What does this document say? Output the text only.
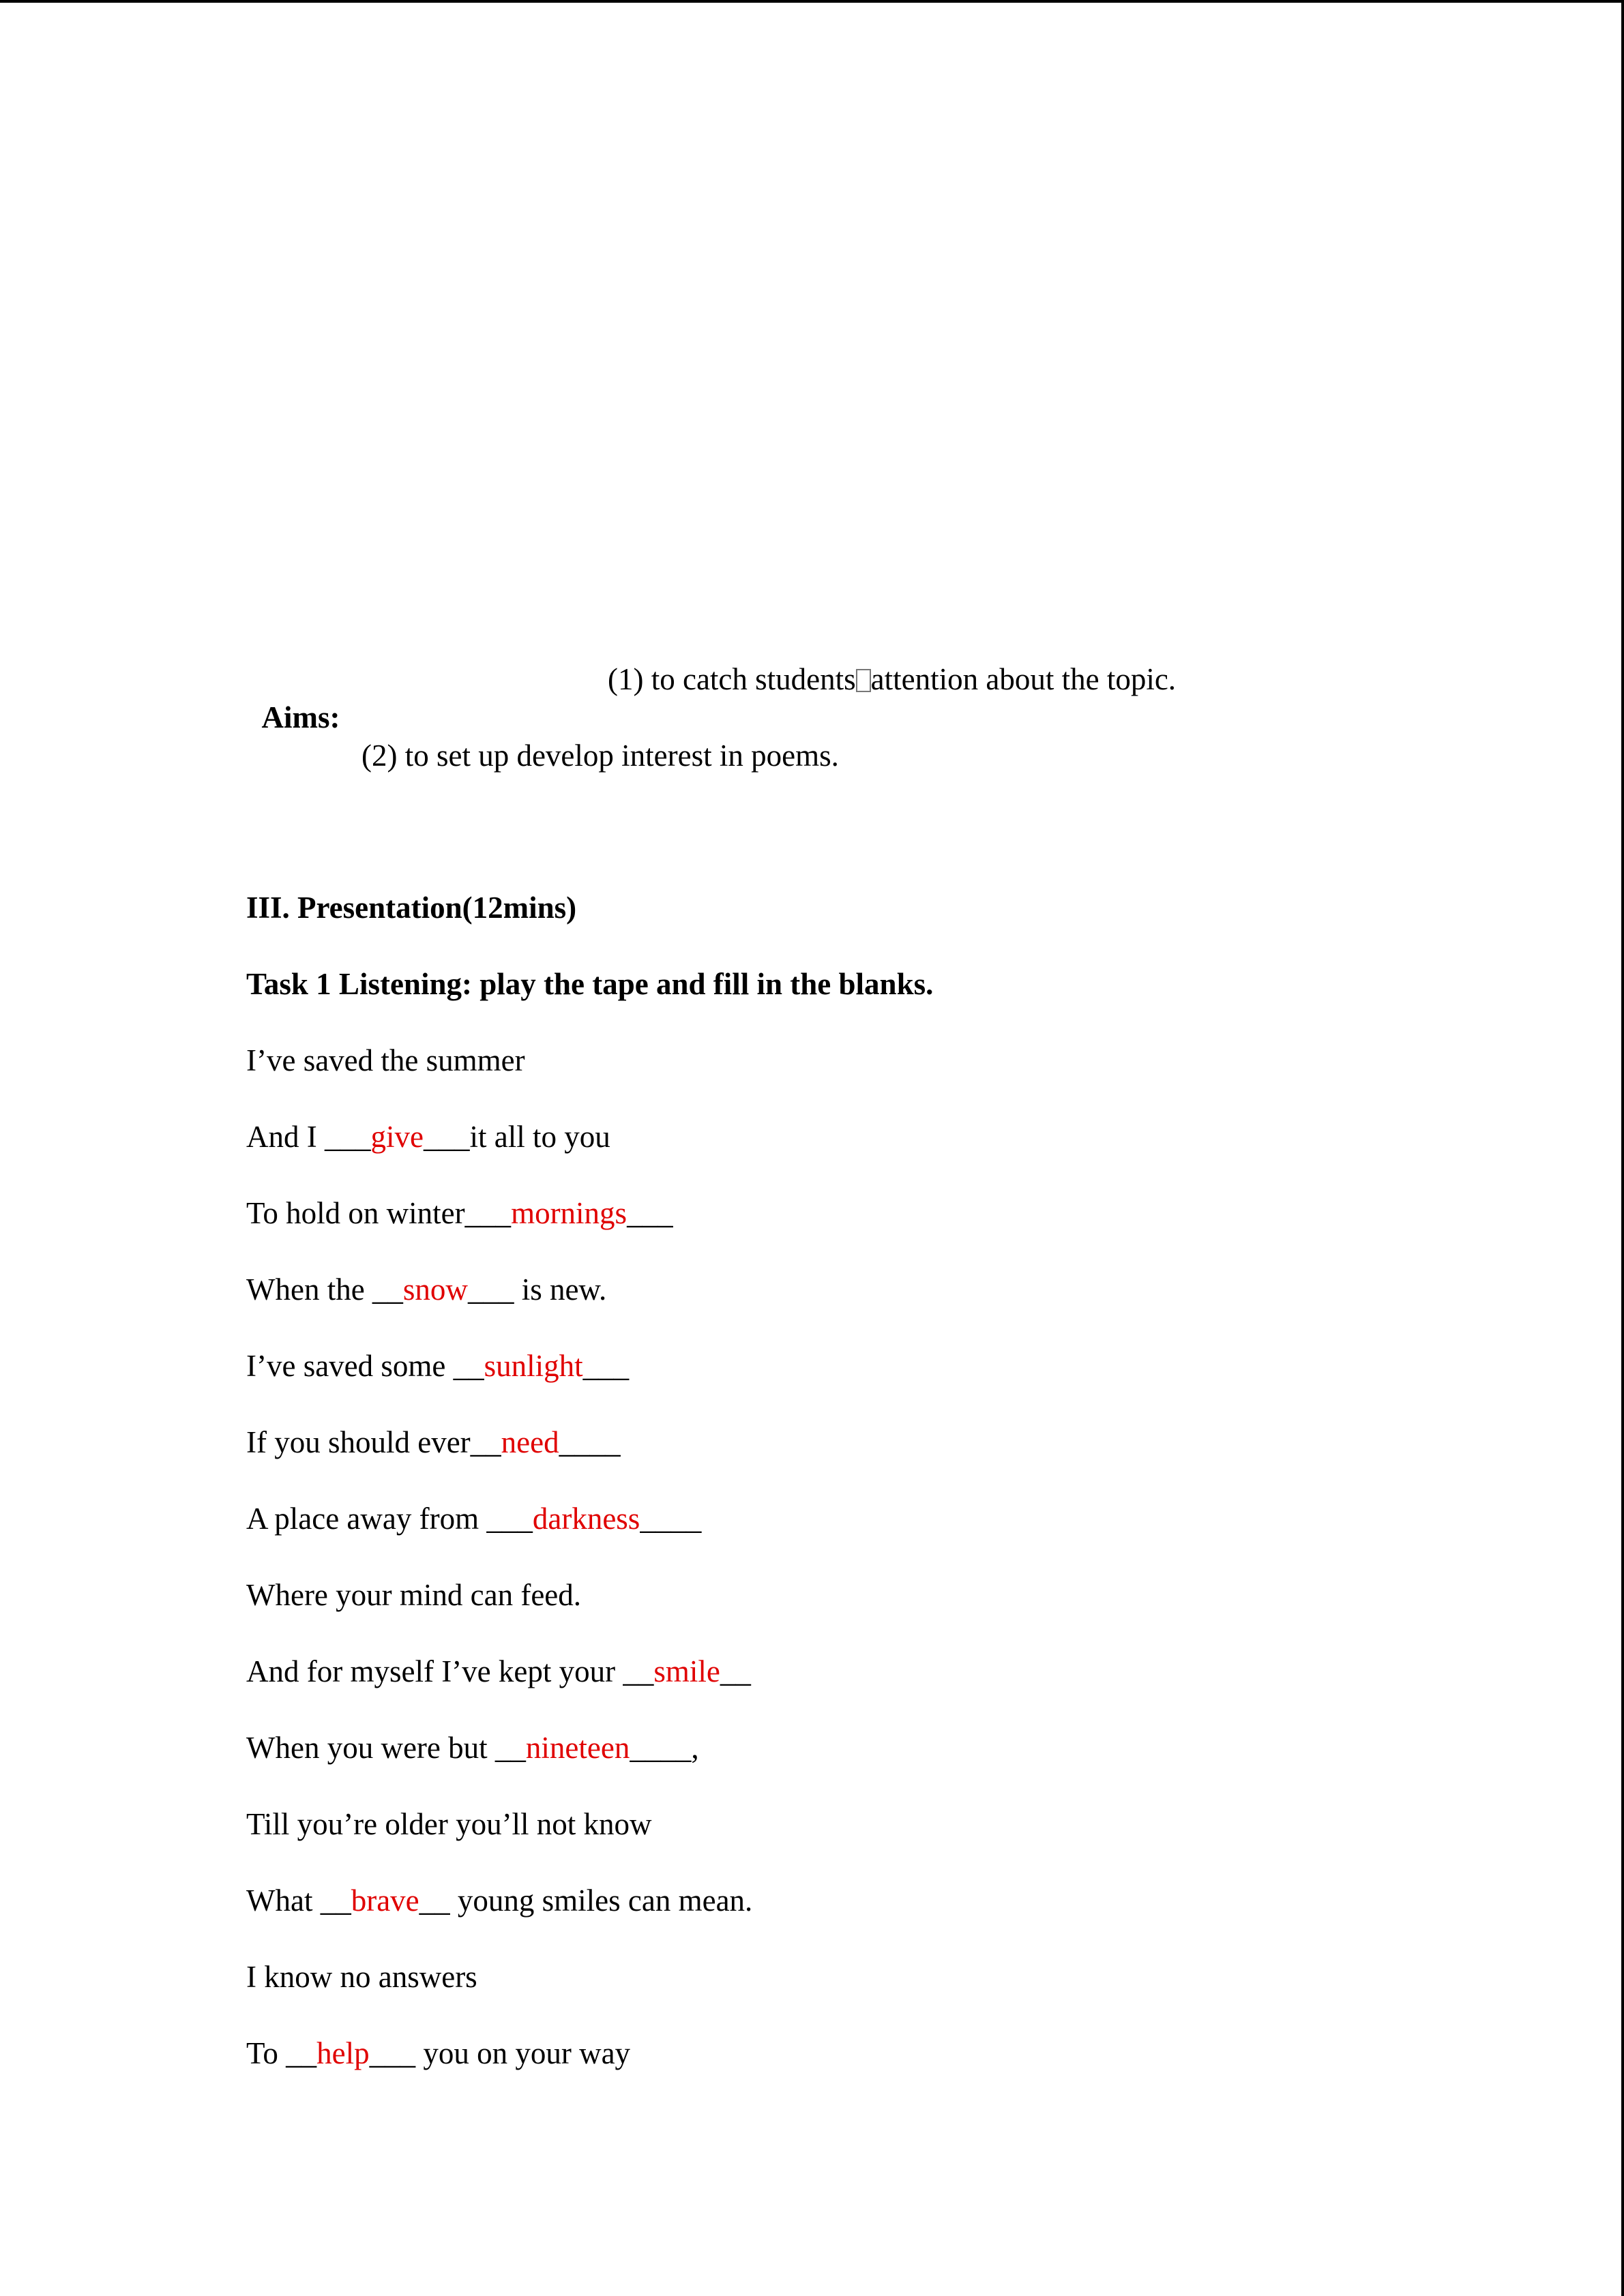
Aims:

(1) to catch students attention about the topic.

(2) to set up develop interest in poems.
III. Presentation(12mins)
Task 1 Listening: play the tape and fill in the blanks.
I’ve saved the summer
And I ___give___it all to you
To hold on winter___mornings___
When the __snow___ is new.
I’ve saved some __sunlight___
If you should ever__need____
A place away from ___darkness____
Where your mind can feed.
And for myself I’ve kept your __smile__
When you were but __nineteen____,
Till you’re older you’ll not know
What __brave__ young smiles can mean.
I know no answers
To __help___ you on your way
